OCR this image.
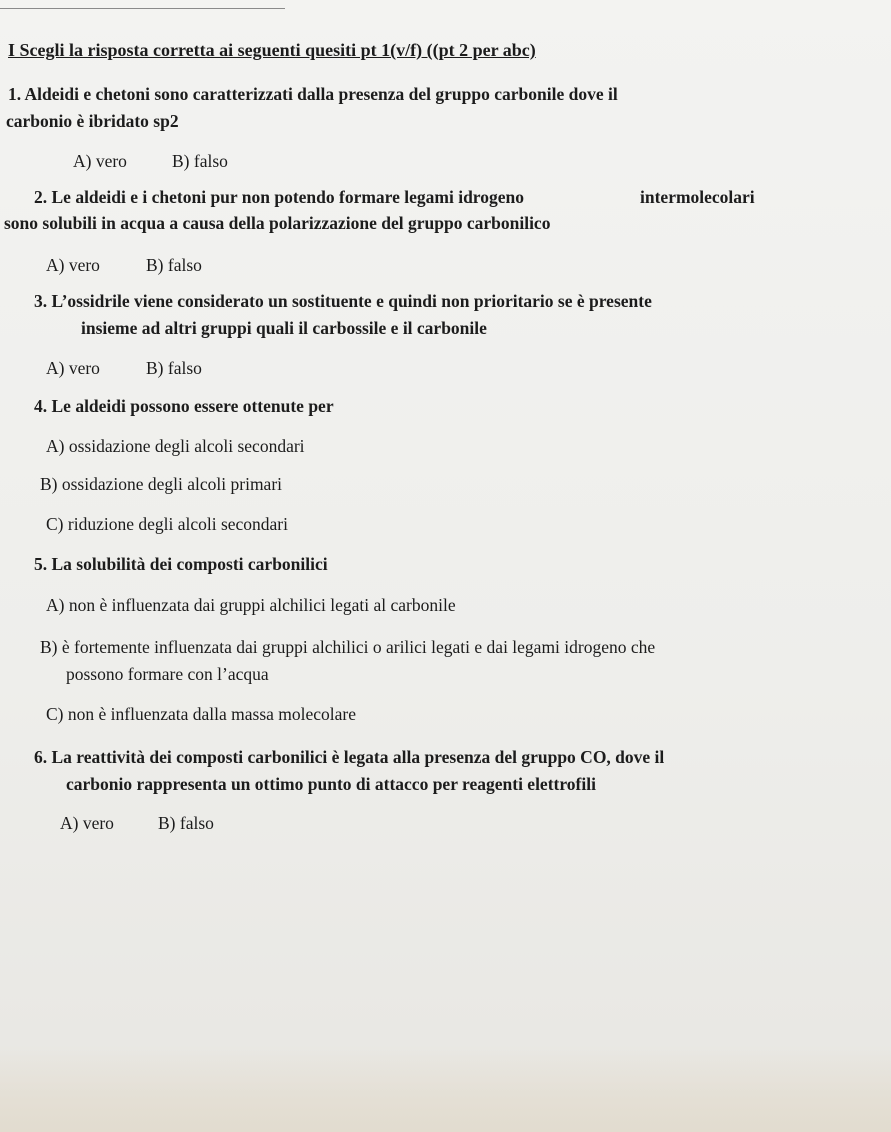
I Scegli la risposta corretta ai seguenti quesiti pt 1(v/f) ((pt 2 per abc)
1. Aldeidi e chetoni sono caratterizzati dalla presenza del gruppo carbonile dove il
carbonio è ibridato sp2
A) vero	B) falso
2. Le aldeidi e i chetoni pur non potendo formare legami idrogeno	intermolecolari
sono solubili in acqua a causa della polarizzazione del gruppo carbonilico
A) vero	B) falso
3. L’ossidrile viene considerato un sostituente e quindi non prioritario se è presente
insieme ad altri gruppi quali il carbossile e il carbonile
A) vero	B) falso
4. Le aldeidi possono essere ottenute per
A) ossidazione degli alcoli secondari
B) ossidazione degli alcoli primari
C) riduzione degli alcoli secondari
5. La solubilità dei composti carbonilici
A) non è influenzata dai gruppi alchilici legati al carbonile
B) è fortemente influenzata dai gruppi alchilici o arilici legati e dai legami idrogeno che
possono formare con l’acqua
C) non è influenzata dalla massa molecolare
6. La reattività dei composti carbonilici è legata alla presenza del gruppo CO, dove il
carbonio rappresenta un ottimo punto di attacco per reagenti elettrofili
A) vero	B) falso
